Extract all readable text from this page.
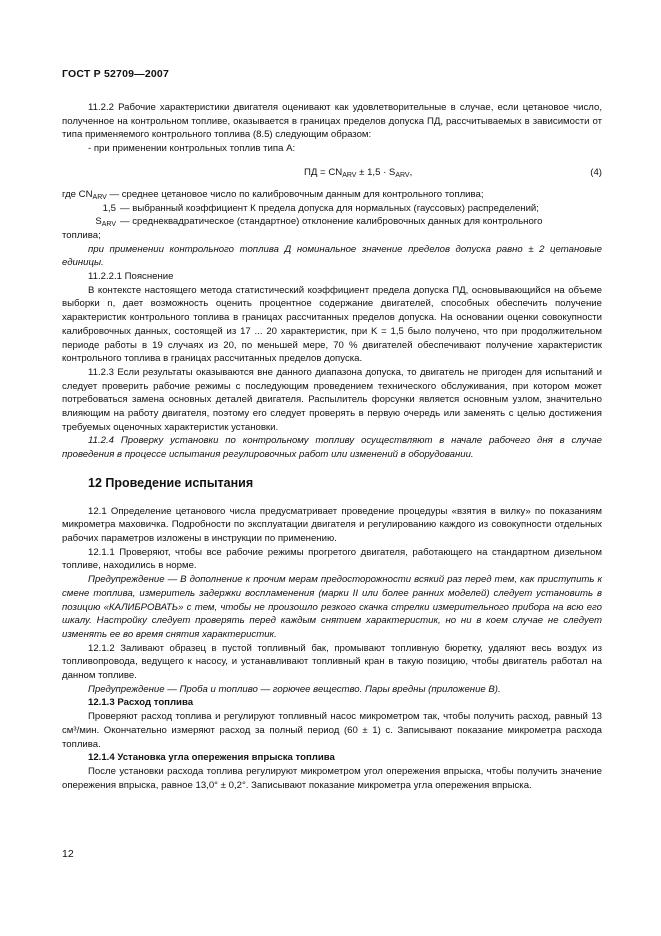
ГОСТ Р 52709—2007

11.2.2 Рабочие характеристики двигателя оценивают как удовлетворительные в случае, если цетановое число, полученное на контрольном топливе, оказывается в границах пределов допуска ПД, рассчитываемых в зависимости от типа применяемого контрольного топлива (8.5) следующим образом:

- при применении контрольных топлив типа А:

ПД = $CN_{ARV} \pm 1,5 \cdot S_{ARV}$,	(4)
где $CN_{ARV}$ — среднее цетановое число по калибровочным данным для контрольного топлива;
1,5 — выбранный коэффициент К предела допуска для нормальных (гауссовых) распределений;
$S_{ARV}$ — среднеквадратическое (стандартное) отклонение калибровочных данных для контрольного
топлива;

при применении контрольного топлива Д номинальное значение пределов допуска равно ± 2 цетановые единицы.

11.2.2.1 Пояснение

В контексте настоящего метода статистический коэффициент предела допуска ПД, основывающийся на объеме выборки n, дает возможность оценить процентное содержание двигателей, способных обеспечить получение характеристик контрольного топлива в границах рассчитанных пределов допуска. На основании оценки совокупности калибровочных данных, состоящей из 17 ... 20 характеристик, при K = 1,5 было получено, что при продолжительном периоде работы в 19 случаях из 20, по меньшей мере, 70 % двигателей обеспечивают получение характеристик контрольного топлива в границах рассчитанных пределов допуска.

11.2.3 Если результаты оказываются вне данного диапазона допуска, то двигатель не пригоден для испытаний и следует проверить рабочие режимы с последующим проведением технического обслуживания, при котором может потребоваться замена основных деталей двигателя. Распылитель форсунки является основным узлом, значительно влияющим на работу двигателя, поэтому его следует проверять в первую очередь или заменять с целью достижения требуемых оценочных характеристик установки.

11.2.4 Проверку установки по контрольному топливу осуществляют в начале рабочего дня в случае проведения в процессе испытания регулировочных работ или изменений в оборудовании.

12 Проведение испытания

12.1 Определение цетанового числа предусматривает проведение процедуры «взятия в вилку» по показаниям микрометра маховичка. Подробности по эксплуатации двигателя и регулированию каждого из совокупности отдельных рабочих параметров изложены в инструкции по применению.

12.1.1 Проверяют, чтобы все рабочие режимы прогретого двигателя, работающего на стандартном дизельном топливе, находились в норме.

Предупреждение — В дополнение к прочим мерам предосторожности всякий раз перед тем, как приступить к смене топлива, измеритель задержки воспламенения (марки II или более ранних моделей) следует установить в позицию «КАЛИБРОВАТЬ» с тем, чтобы не произошло резкого скачка стрелки измерительного прибора на всю его шкалу. Настройку следует проверять перед каждым снятием характеристик, но ни в коем случае не следует изменять ее во время снятия характеристик.

12.1.2 Заливают образец в пустой топливный бак, промывают топливную бюретку, удаляют весь воздух из топливопровода, ведущего к насосу, и устанавливают топливный кран в такую позицию, чтобы двигатель работал на данном топливе.

Предупреждение — Проба и топливо — горючее вещество. Пары вредны (приложение В).

12.1.3 Расход топлива

Проверяют расход топлива и регулируют топливный насос микрометром так, чтобы получить расход, равный 13 см³/мин. Окончательно измеряют расход за полный период (60 ± 1) с. Записывают показание микрометра расхода топлива.

12.1.4 Установка угла опережения впрыска топлива

После установки расхода топлива регулируют микрометром угол опережения впрыска, чтобы получить значение опережения впрыска, равное 13,0° ± 0,2°. Записывают показание микрометра угла опережения впрыска.

12
